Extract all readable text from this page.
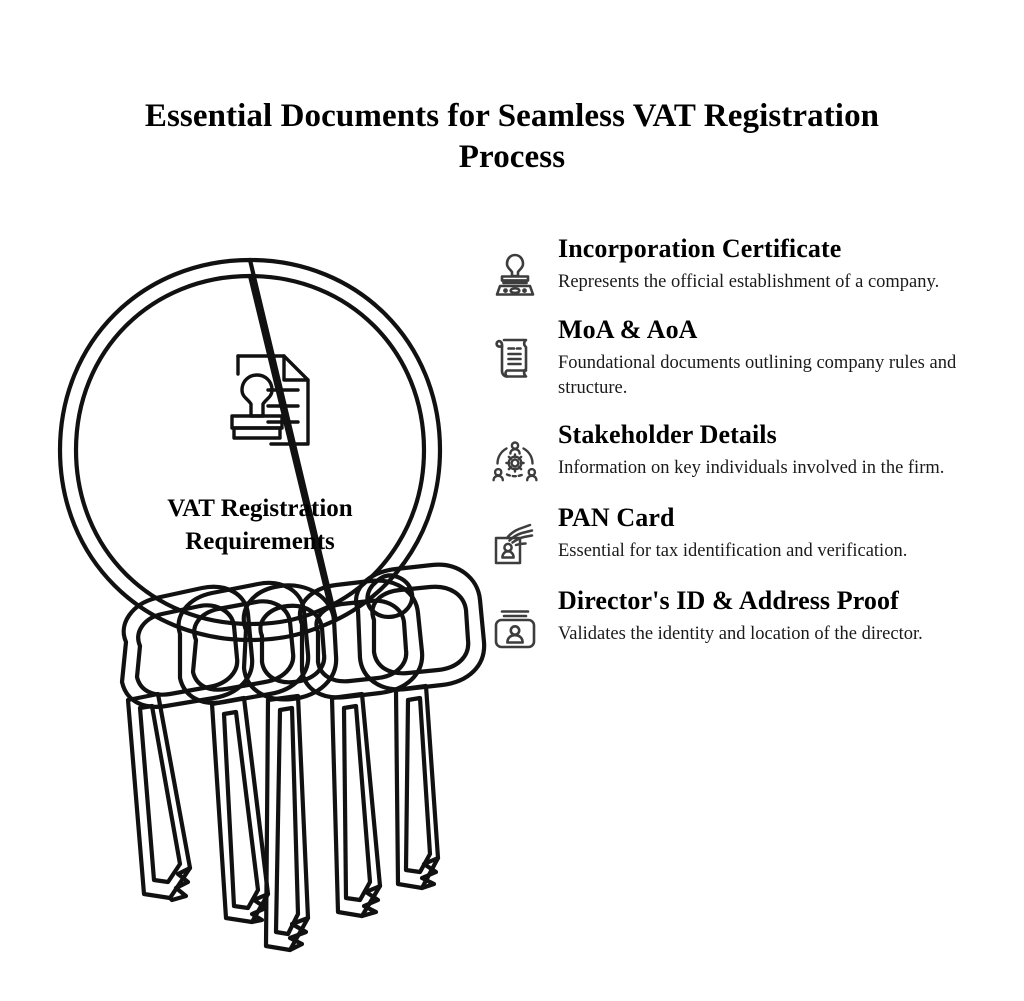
Essential Documents for Seamless VAT Registration Process
VAT Registration
Requirements

Incorporation Certificate

Represents the official establishment of a company.

MoA & AoA

Foundational documents outlining company rules and structure.

Stakeholder Details

Information on key individuals involved in the firm.

PAN Card

Essential for tax identification and verification.

Director's ID & Address Proof

Validates the identity and location of the director.
